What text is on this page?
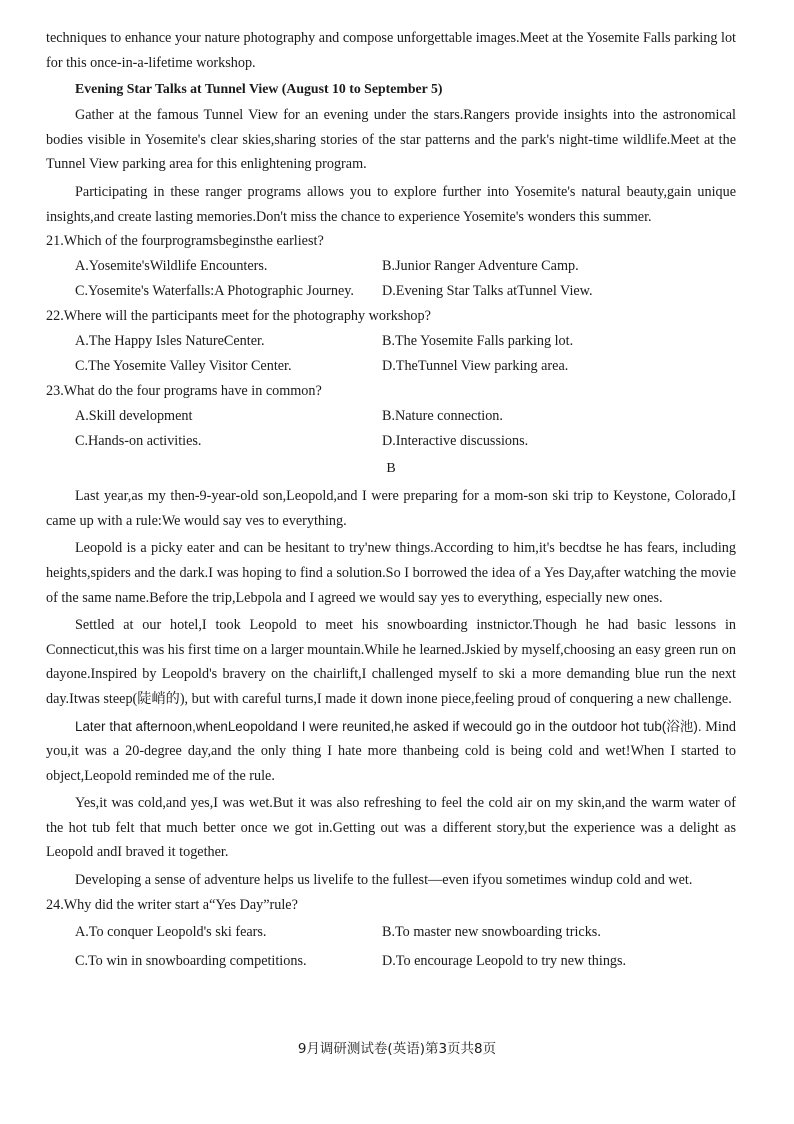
techniques to enhance your nature photography and compose unforgettable images.Meet at the Yosemite Falls parking lot for this once-in-a-lifetime workshop.

Evening Star Talks at Tunnel View (August 10 to September 5)

Gather at the famous Tunnel View for an evening under the stars.Rangers provide insights into the astronomical bodies visible in Yosemite's clear skies,sharing stories of the star patterns and the park's night-time wildlife.Meet at the Tunnel View parking area for this enlightening program.

Participating in these ranger programs allows you to explore further into Yosemite's natural beauty,gain unique insights,and create lasting memories.Don't miss the chance to experience Yosemite's wonders this summer.

21.Which of the fourprogramsbeginsthe earliest?
A.Yosemite'sWildlife Encounters.	B.Junior Ranger Adventure Camp.
C.Yosemite's Waterfalls:A Photographic Journey.	D.Evening Star Talks atTunnel View.
22.Where will the participants meet for the photography workshop?
A.The Happy Isles NatureCenter.	B.The Yosemite Falls parking lot.
C.The Yosemite Valley Visitor Center.	D.TheTunnel View parking area.
23.What do the four programs have in common?
A.Skill development	B.Nature connection.
C.Hands-on activities.	D.Interactive discussions.
B

Last year,as my then-9-year-old son,Leopold,and I were preparing for a mom-son ski trip to Keystone, Colorado,I came up with a rule:We would say ves to everything.

Leopold is a picky eater and can be hesitant to try'new things.According to him,it's becdtse he has fears, including heights,spiders and the dark.I was hoping to find a solution.So I borrowed the idea of a Yes Day,after watching the movie of the same name.Before the trip,Lebpola and I agreed we would say yes to everything, especially new ones.

Settled at our hotel,I took Leopold to meet his snowboarding instnictor.Though he had basic lessons in Connecticut,this was his first time on a larger mountain.While he learned.Jskied by myself,choosing an easy green run on dayone.Inspired by Leopold's bravery on the chairlift,I challenged myself to ski a more demanding blue run the next day.Itwas steep(陡峭的), but with careful turns,I made it down inone piece,feeling proud of conquering a new challenge.

Later that afternoon,whenLeopoldand I were reunited,he asked if wecould go in the outdoor hot tub(浴池). Mind you,it was a 20-degree day,and the only thing I hate more thanbeing cold is being cold and wet!When I started to object,Leopold reminded me of the rule.

Yes,it was cold,and yes,I was wet.But it was also refreshing to feel the cold air on my skin,and the warm water of the hot tub felt that much better once we got in.Getting out was a different story,but the experience was a delight as Leopold andI braved it together.

Developing a sense of adventure helps us livelife to the fullest—even ifyou sometimes windup cold and wet.

24.Why did the writer start a“Yes Day”rule?
A.To conquer Leopold's ski fears.	B.To master new snowboarding tricks.
C.To win in snowboarding competitions.	D.To encourage Leopold to try new things.
9月调研测试卷(英语)第3页共8页
